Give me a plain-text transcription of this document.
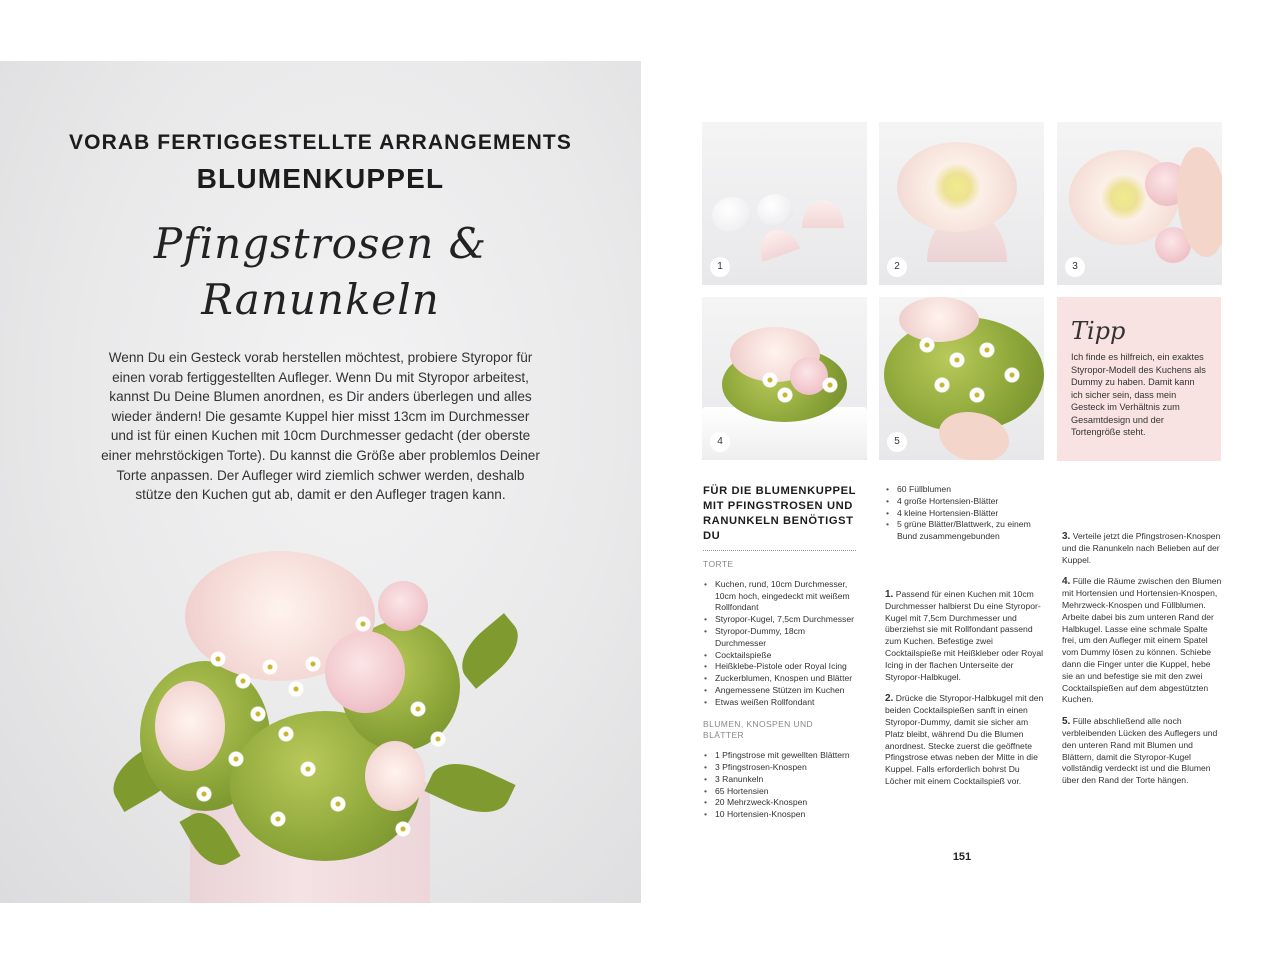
VORAB FERTIGGESTELLTE ARRANGEMENTS
BLUMENKUPPEL
Pfingstrosen &
Ranunkeln

Wenn Du ein Gesteck vorab herstellen möchtest, probiere Styropor für einen vorab fertiggestellten Aufleger. Wenn Du mit Styropor arbeitest, kannst Du Deine Blumen anordnen, es Dir anders überlegen und alles wieder ändern! Die gesamte Kuppel hier misst 13cm im Durchmesser und ist für einen Kuchen mit 10cm Durchmesser gedacht (der oberste einer mehrstöckigen Torte). Du kannst die Größe aber problemlos Deiner Torte anpassen. Der Aufleger wird ziemlich schwer werden, deshalb stütze den Kuchen gut ab, damit er den Aufleger tragen kann.

1	2	3
4	5
Tipp
Ich finde es hilfreich, ein exaktes Styropor-Modell des Kuchens als Dummy zu haben. Damit kann ich sicher sein, dass mein Gesteck im Verhältnis zum Gesamtdesign und der Tortengröße steht.
FÜR DIE BLUMENKUPPEL MIT PFINGSTROSEN UND RANUNKELN BENÖTIGST DU
TORTE
• Kuchen, rund, 10cm Durchmesser, 10cm hoch, eingedeckt mit weißem Rollfondant
• Styropor-Kugel, 7,5cm Durchmesser
• Styropor-Dummy, 18cm Durchmesser
• Cocktailspieße
• Heißklebe-Pistole oder Royal Icing
• Zuckerblumen, Knospen und Blätter
• Angemessene Stützen im Kuchen
• Etwas weißen Rollfondant
BLUMEN, KNOSPEN UND BLÄTTER
• 1 Pfingstrose mit gewellten Blättern
• 3 Pfingstrosen-Knospen
• 3 Ranunkeln
• 65 Hortensien
• 20 Mehrzweck-Knospen
• 10 Hortensien-Knospen
• 60 Füllblumen
• 4 große Hortensien-Blätter
• 4 kleine Hortensien-Blätter
• 5 grüne Blätter/Blattwerk, zu einem Bund zusammengebunden
1. Passend für einen Kuchen mit 10cm Durchmesser halbierst Du eine Styropor-Kugel mit 7,5cm Durchmesser und überziehst sie mit Rollfondant passend zum Kuchen. Befestige zwei Cocktailspieße mit Heißkleber oder Royal Icing in der flachen Unterseite der Styropor-Halbkugel.
2. Drücke die Styropor-Halbkugel mit den beiden Cocktailspießen sanft in einen Styropor-Dummy, damit sie sicher am Platz bleibt, während Du die Blumen anordnest. Stecke zuerst die geöffnete Pfingstrose etwas neben der Mitte in die Kuppel. Falls erforderlich bohrst Du Löcher mit einem Cocktailspieß vor.
3. Verteile jetzt die Pfingstrosen-Knospen und die Ranunkeln nach Belieben auf der Kuppel.
4. Fülle die Räume zwischen den Blumen mit Hortensien und Hortensien-Knospen, Mehrzweck-Knospen und Füllblumen. Arbeite dabei bis zum unteren Rand der Halbkugel. Lasse eine schmale Spalte frei, um den Aufleger mit einem Spatel vom Dummy lösen zu können. Schiebe dann die Finger unter die Kuppel, hebe sie an und befestige sie mit den zwei Cocktailspießen auf dem abgestützten Kuchen.
5. Fülle abschließend alle noch verbleibenden Lücken des Auflegers und den unteren Rand mit Blumen und Blättern, damit die Styropor-Kugel vollständig verdeckt ist und die Blumen über den Rand der Torte hängen.
151
